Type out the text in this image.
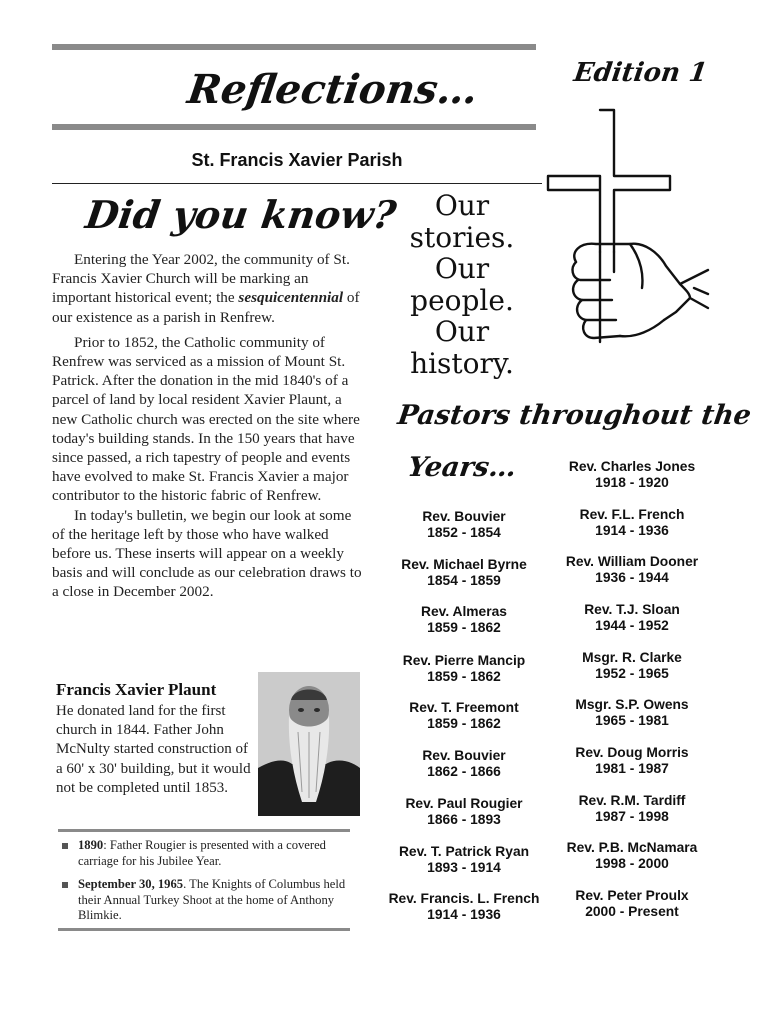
Reflections…	Edition 1
St. Francis Xavier Parish
Did you know?

Entering the Year 2002, the community of St. Francis Xavier Church will be marking an important historical event; the sesquicentennial of our existence as a parish in Renfrew.

Prior to 1852, the Catholic community of Renfrew was serviced as a mission of Mount St. Patrick. After the donation in the mid 1840's of a parcel of land by local resident Xavier Plaunt, a new Catholic church was erected on the site where today's building stands. In the 150 years that have since passed, a rich tapestry of people and events have evolved to make St. Francis Xavier a major contributor to the historic fabric of Renfrew.

In today's bulletin, we begin our look at some of the heritage left by those who have walked before us. These inserts will appear on a weekly basis and will conclude as our celebration draws to a close in December 2002.

Our
stories.
Our
people.
Our
history.
Pastors throughout the
Years…
Rev. Bouvier
1852 - 1854
Rev. Michael Byrne
1854 - 1859
Rev. Almeras
1859 - 1862
Rev. Pierre Mancip
1859 - 1862
Rev. T. Freemont
1859 - 1862
Rev. Bouvier
1862 - 1866
Rev. Paul Rougier
1866 - 1893
Rev. T. Patrick Ryan
1893 - 1914
Rev. Francis. L. French
1914 - 1936
Rev. Charles Jones
1918 - 1920
Rev. F.L. French
1914 - 1936
Rev. William Dooner
1936 - 1944
Rev. T.J. Sloan
1944 - 1952
Msgr. R. Clarke
1952 - 1965
Msgr. S.P. Owens
1965 - 1981
Rev. Doug Morris
1981 - 1987
Rev. R.M. Tardiff
1987 - 1998
Rev. P.B. McNamara
1998 - 2000
Rev. Peter Proulx
2000 - Present
Francis Xavier Plaunt
He donated land for the first church in 1844. Father John McNulty started construction of a 60' x 30' building, but it would not be completed until 1853.
1890: Father Rougier is presented with a covered carriage for his Jubilee Year.
September 30, 1965. The Knights of Columbus held their Annual Turkey Shoot at the home of Anthony Blimkie.
